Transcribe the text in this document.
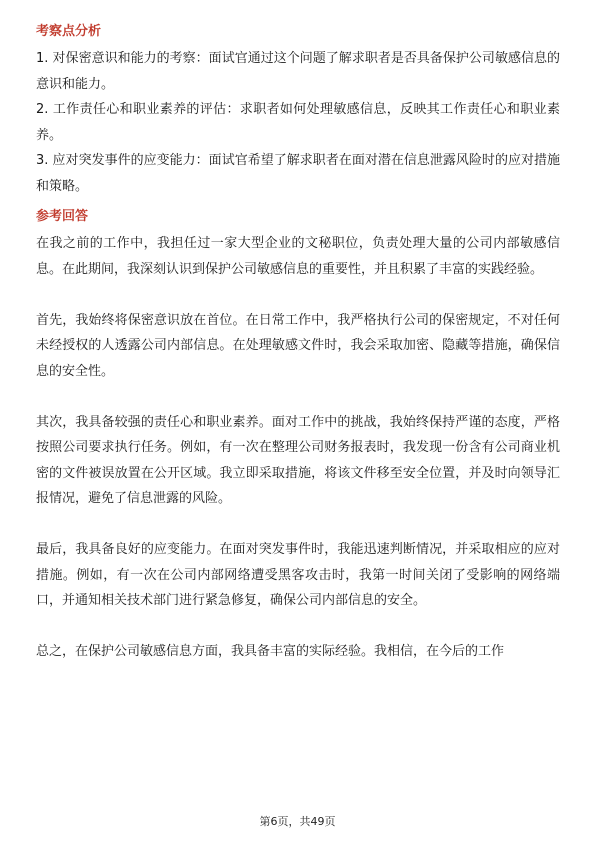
考察点分析

1. 对保密意识和能力的考察：面试官通过这个问题了解求职者是否具备保护公司敏感信息的意识和能力。

2. 工作责任心和职业素养的评估：求职者如何处理敏感信息，反映其工作责任心和职业素养。

3. 应对突发事件的应变能力：面试官希望了解求职者在面对潜在信息泄露风险时的应对措施和策略。

参考回答

在我之前的工作中，我担任过一家大型企业的文秘职位，负责处理大量的公司内部敏感信息。在此期间，我深刻认识到保护公司敏感信息的重要性，并且积累了丰富的实践经验。

首先，我始终将保密意识放在首位。在日常工作中，我严格执行公司的保密规定，不对任何未经授权的人透露公司内部信息。在处理敏感文件时，我会采取加密、隐藏等措施，确保信息的安全性。

其次，我具备较强的责任心和职业素养。面对工作中的挑战，我始终保持严谨的态度，严格按照公司要求执行任务。例如，有一次在整理公司财务报表时，我发现一份含有公司商业机密的文件被误放置在公开区域。我立即采取措施，将该文件移至安全位置，并及时向领导汇报情况，避免了信息泄露的风险。

最后，我具备良好的应变能力。在面对突发事件时，我能迅速判断情况，并采取相应的应对措施。例如，有一次在公司内部网络遭受黑客攻击时，我第一时间关闭了受影响的网络端口，并通知相关技术部门进行紧急修复，确保公司内部信息的安全。

总之，在保护公司敏感信息方面，我具备丰富的实际经验。我相信，在今后的工作

第6页，共49页
